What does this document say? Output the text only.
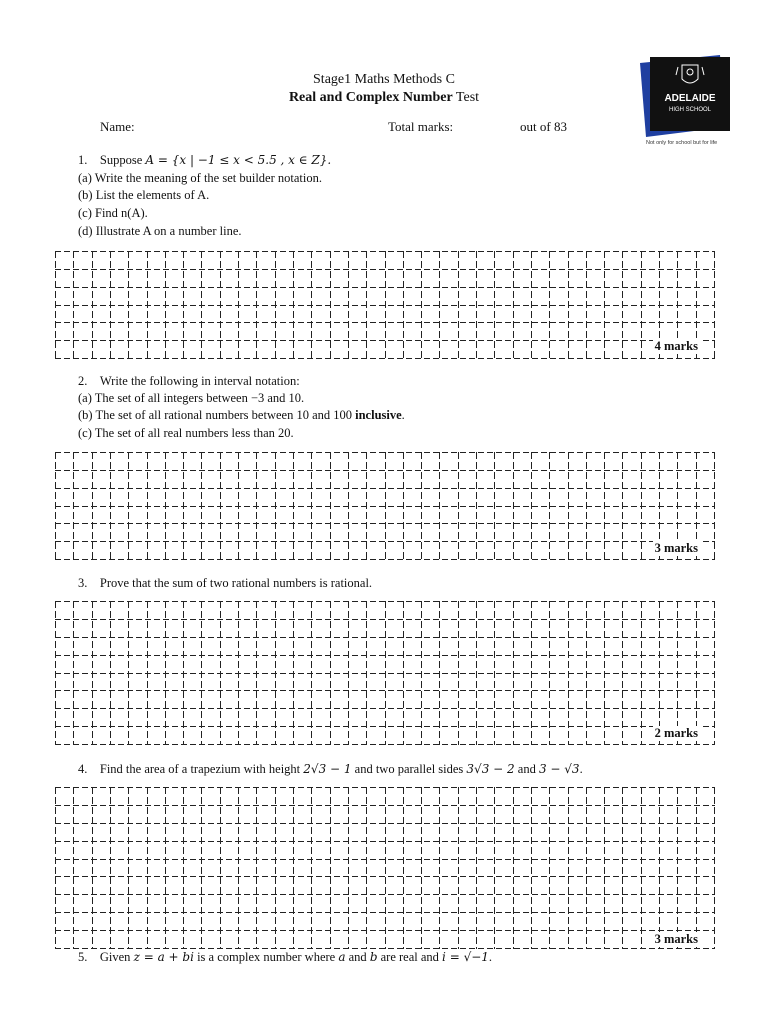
Stage1 Maths Methods C
Real and Complex Number Test
Name:	Total marks:	out of 83
ADELAIDE
HIGH SCHOOL
Not only for school but for life
1. Suppose A = {x | −1 ≤ x < 5.5 , x ∈ Z}.
(a) Write the meaning of the set builder notation.
(b) List the elements of A.
(c) Find n(A).
(d) Illustrate A on a number line.
4 marks
2. Write the following in interval notation:
(a) The set of all integers between −3 and 10.
(b) The set of all rational numbers between 10 and 100 inclusive.
(c) The set of all real numbers less than 20.
3 marks
3. Prove that the sum of two rational numbers is rational.
2 marks
4. Find the area of a trapezium with height 2√3 − 1 and two parallel sides 3√3 − 2 and 3 − √3.
3 marks
5. Given z = a + bi is a complex number where a and b are real and i = √−1.
